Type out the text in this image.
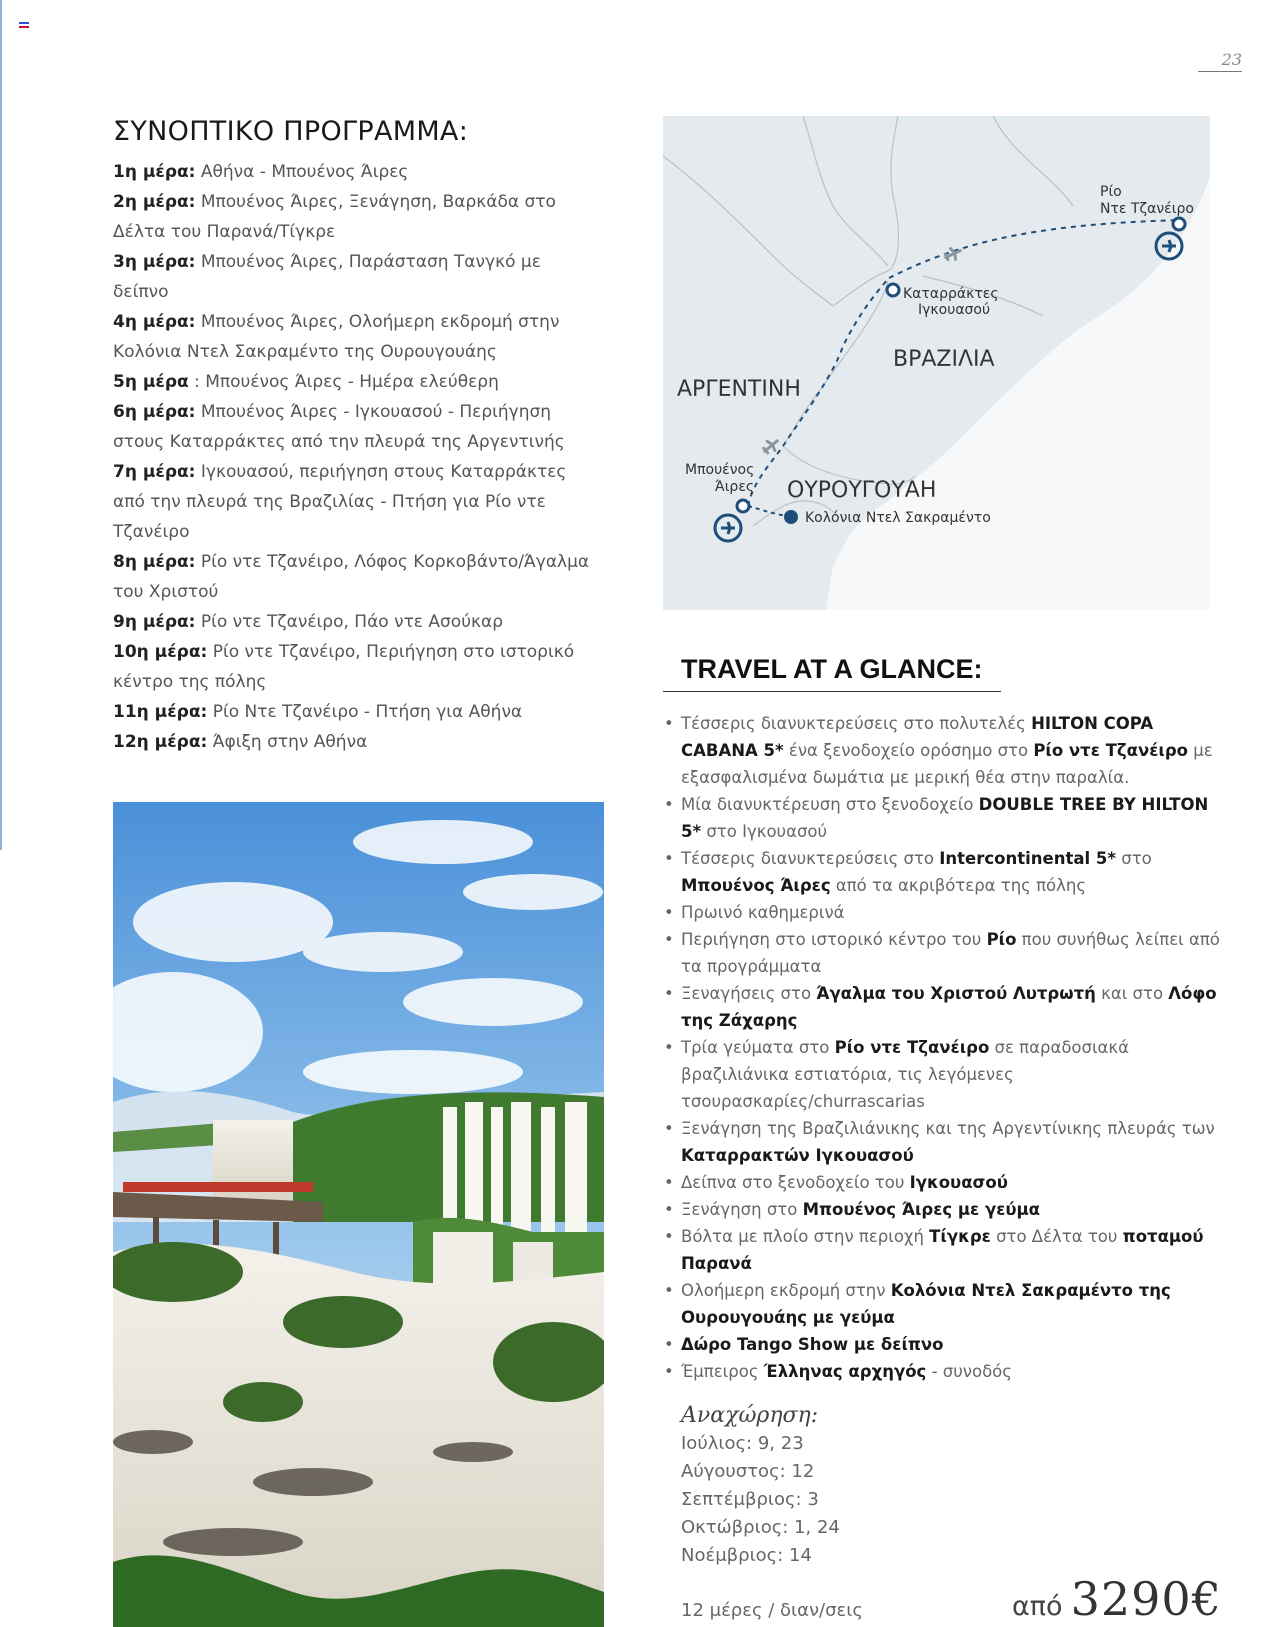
23
ΣΥΝΟΠΤΙΚΟ ΠΡΟΓΡΑΜΜΑ:
1η μέρα: Αθήνα - Μπουένος Άιρες
2η μέρα: Μπουένος Άιρες, Ξενάγηση, Βαρκάδα στο Δέλτα του Παρανά/Τίγκρε
3η μέρα: Μπουένος Άιρες, Παράσταση Τανγκό με δείπνο
4η μέρα: Μπουένος Άιρες, Ολοήμερη εκδρομή στην Κολόνια Ντελ Σακραμέντο της Ουρουγουάης
5η μέρα : Μπουένος Άιρες - Ημέρα ελεύθερη
6η μέρα: Μπουένος Άιρες - Ιγκουασού - Περιήγηση στους Καταρράκτες από την πλευρά της Αργεντινής
7η μέρα: Ιγκουασού, περιήγηση στους Καταρράκτες από την πλευρά της Βραζιλίας - Πτήση για Ρίο ντε Τζανέιρο
8η μέρα: Ρίο ντε Τζανέιρο, Λόφος Κορκοβάντο/Άγαλμα του Χριστού
9η μέρα: Ρίο ντε Τζανέιρο, Πάο ντε Ασούκαρ
10η μέρα: Ρίο ντε Τζανέιρο, Περιήγηση στο ιστορικό κέντρο της πόλης
11η μέρα: Ρίο Ντε Τζανέιρο - Πτήση για Αθήνα
12η μέρα: Άφιξη στην Αθήνα
ΑΡΓΕΝΤΙΝΗ
ΒΡΑΖΙΛΙΑ
ΟΥΡΟΥΓΟΥΑΗ
Ρίο
Ντε Τζανέιρο
Καταρράκτες
Ιγκουασού
Μπουένος
Άιρες
Κολόνια Ντελ Σακραμέντο
TRAVEL AT A GLANCE:
• Τέσσερις διανυκτερεύσεις στο πολυτελές HILTON COPA CABANA 5* ένα ξενοδοχείο ορόσημο στο Ρίο ντε Τζανέιρο με εξασφαλισμένα δωμάτια με μερική θέα στην παραλία.
• Μία διανυκτέρευση στο ξενοδοχείο DOUBLE TREE BY HILTON 5* στο Ιγκουασού
• Τέσσερις διανυκτερεύσεις στο Intercontinental 5* στο Μπουένος Άιρες από τα ακριβότερα της πόλης
• Πρωινό καθημερινά
• Περιήγηση στο ιστορικό κέντρο του Ρίο που συνήθως λείπει από τα προγράμματα
• Ξεναγήσεις στο Άγαλμα του Χριστού Λυτρωτή και στο Λόφο της Ζάχαρης
• Τρία γεύματα στο Ρίο ντε Τζανέιρο σε παραδοσιακά βραζιλιάνικα εστιατόρια, τις λεγόμενες τσουρασκαρίες/churrascarias
• Ξενάγηση της Βραζιλιάνικης και της Αργεντίνικης πλευράς των Καταρρακτών Ιγκουασού
• Δείπνα στο ξενοδοχείο του Ιγκουασού
• Ξενάγηση στο Μπουένος Άιρες με γεύμα
• Βόλτα με πλοίο στην περιοχή Τίγκρε στο Δέλτα του ποταμού Παρανά
• Ολοήμερη εκδρομή στην Κολόνια Ντελ Σακραμέντο της Ουρουγουάης με γεύμα
• Δώρο Tango Show με δείπνο
• Έμπειρος Έλληνας αρχηγός - συνοδός
Αναχώρηση:
Ιούλιος: 9, 23
Αύγουστος: 12
Σεπτέμβριος: 3
Οκτώβριος: 1, 24
Νοέμβριος: 14
12 μέρες / διαν/σεις	από 3290€
